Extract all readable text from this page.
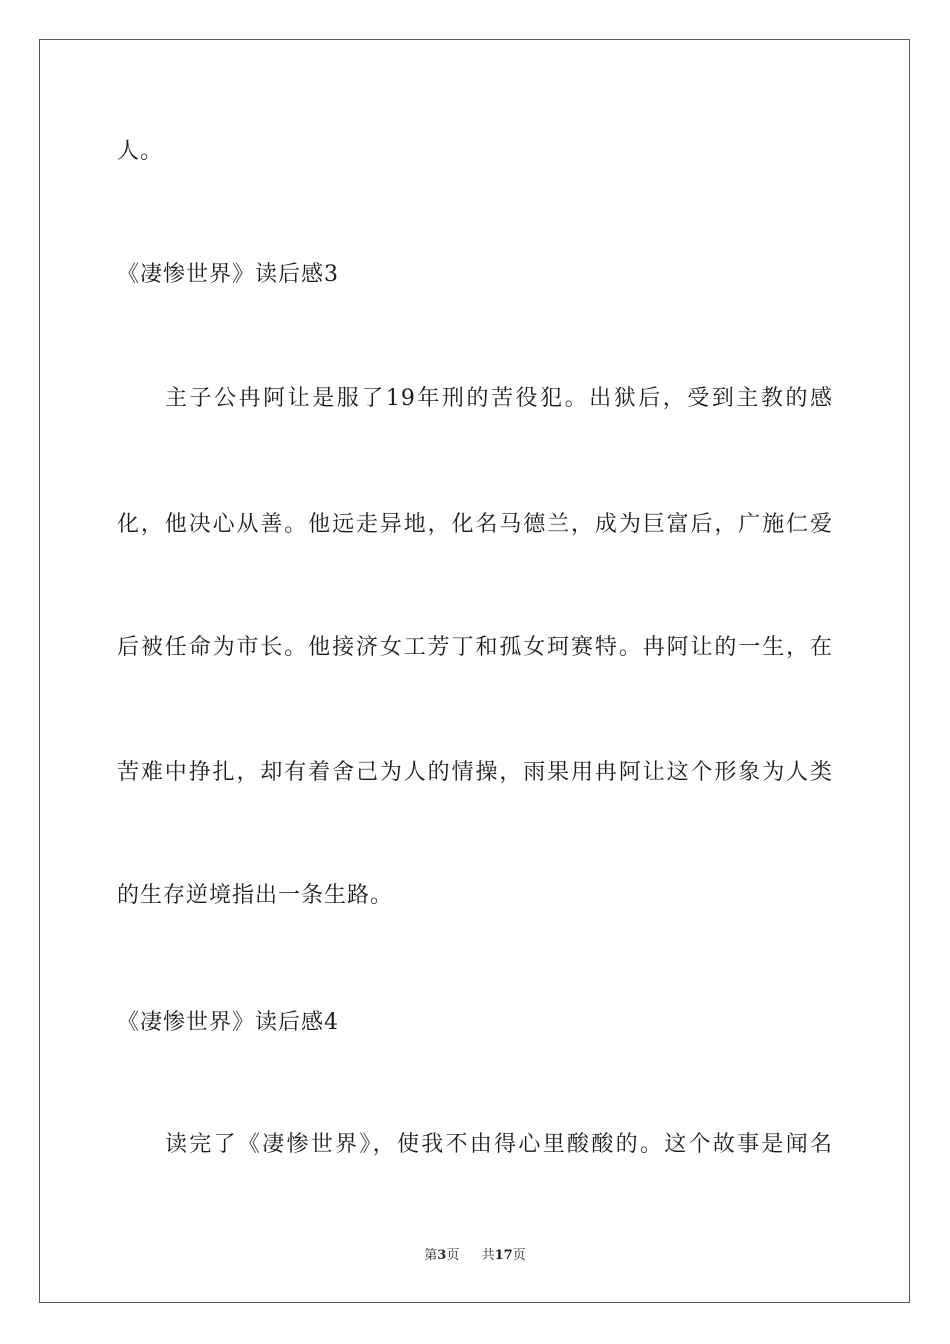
人。
《凄惨世界》读后感3
主子公冉阿让是服了19年刑的苦役犯。出狱后，受到主教的感
化，他决心从善。他远走异地，化名马德兰，成为巨富后，广施仁爱
后被任命为市长。他接济女工芳丁和孤女珂赛特。冉阿让的一生，在
苦难中挣扎，却有着舍己为人的情操，雨果用冉阿让这个形象为人类
的生存逆境指出一条生路。
《凄惨世界》读后感4
读完了《凄惨世界》，使我不由得心里酸酸的。这个故事是闻名
第3页 共17页
